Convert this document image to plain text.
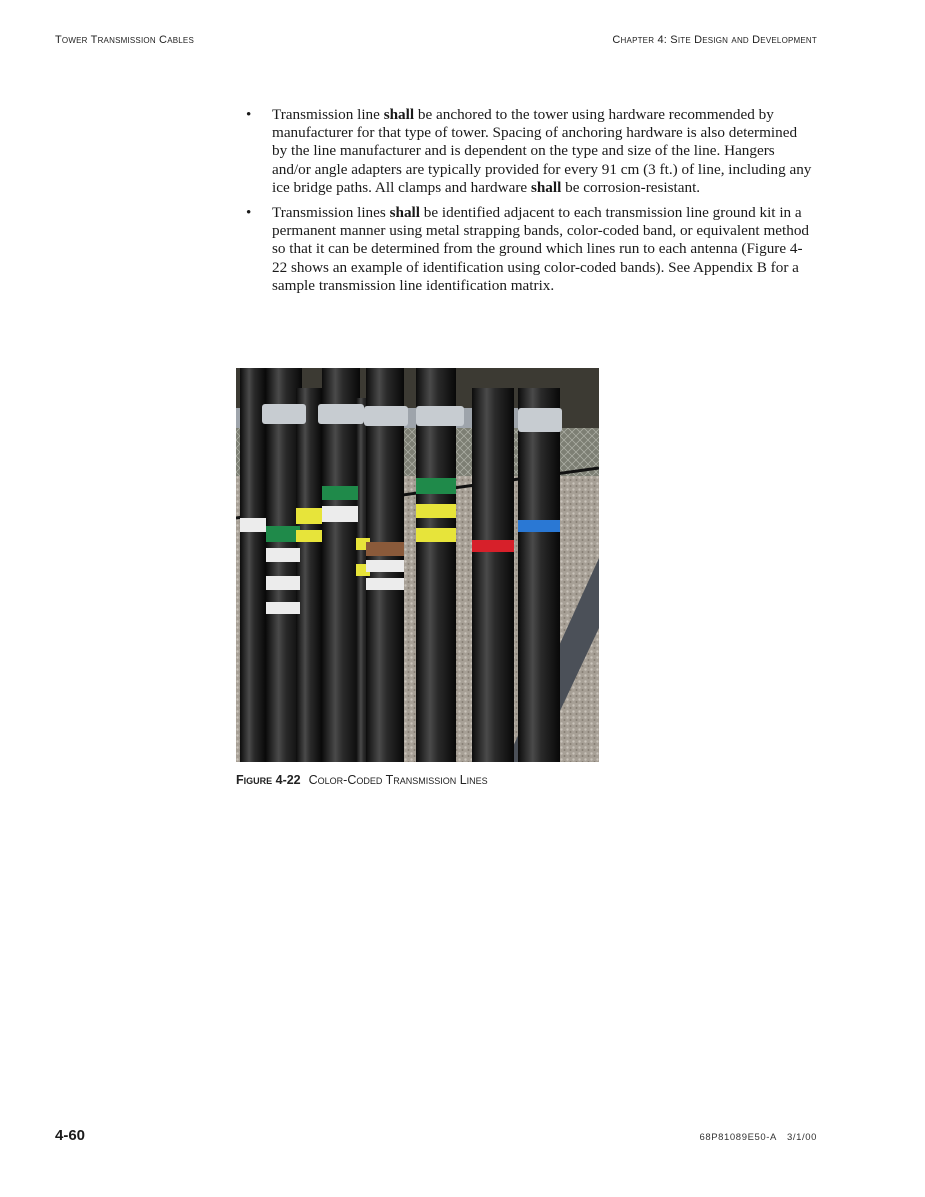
Tower Transmission Cables	Chapter 4: Site Design and Development
•	Transmission line shall be anchored to the tower using hardware recommended by manufacturer for that type of tower. Spacing of anchoring hardware is also determined by the line manufacturer and is dependent on the type and size of the line. Hangers and/or angle adapters are typically provided for every 91 cm (3 ft.) of line, including any ice bridge paths. All clamps and hardware shall be corrosion-resistant.
•	Transmission lines shall be identified adjacent to each transmission line ground kit in a permanent manner using metal strapping bands, color-coded band, or equivalent method so that it can be determined from the ground which lines run to each antenna (Figure 4-22 shows an example of identification using color-coded bands). See Appendix B for a sample transmission line identification matrix.
Figure 4-22 Color-Coded Transmission Lines
4-60	68P81089E50-A 3/1/00
